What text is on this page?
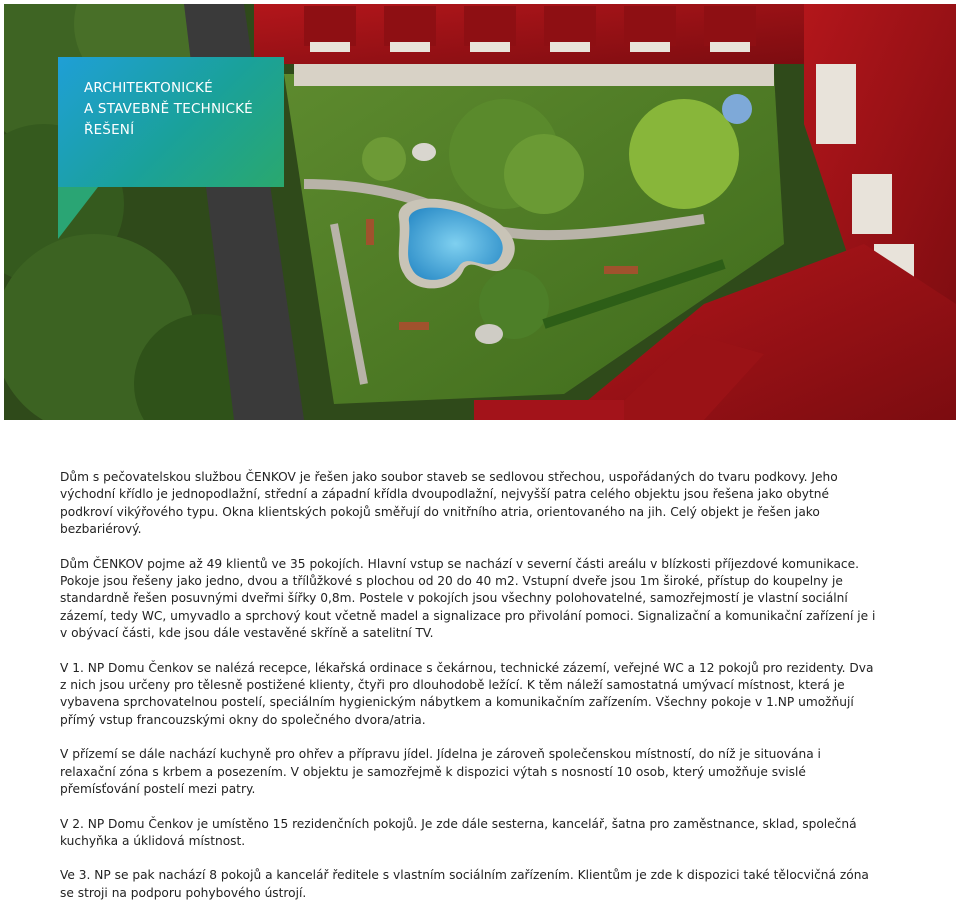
ARCHITEKTONICKÉ
A STAVEBNĚ TECHNICKÉ
ŘEŠENÍ

Dům s pečovatelskou službou ČENKOV je řešen jako soubor staveb se sedlovou střechou, uspořádaných do tvaru podkovy. Jeho východní křídlo je jednopodlažní, střední a západní křídla dvoupodlažní, nejvyšší patra celého objektu jsou řešena jako obytné podkroví vikýřového typu. Okna klientských pokojů směřují do vnitřního atria, orientovaného na jih. Celý objekt je řešen jako bezbariérový.

Dům ČENKOV pojme až 49 klientů ve 35 pokojích. Hlavní vstup se nachází v severní části areálu v blízkosti příjezdové komunikace. Pokoje jsou řešeny jako jedno, dvou a třílůžkové s plochou od 20 do 40 m2. Vstupní dveře jsou 1m široké, přístup do koupelny je standardně řešen posuvnými dveřmi šířky 0,8m. Postele v pokojích jsou všechny polohovatelné, samozřejmostí je vlastní sociální zázemí, tedy WC, umyvadlo a sprchový kout včetně madel a signalizace pro přivolání pomoci. Signalizační a komunikační zařízení je i v obývací části, kde jsou dále vestavěné skříně a satelitní TV.

V 1. NP Domu Čenkov se nalézá recepce, lékařská ordinace s čekárnou, technické zázemí, veřejné WC a 12 pokojů pro rezidenty. Dva z nich jsou určeny pro tělesně postižené klienty, čtyři pro dlouhodobě ležící. K těm náleží samostatná umývací místnost, která je vybavena sprchovatelnou postelí, speciálním hygienickým nábytkem a komunikačním zařízením. Všechny pokoje v 1.NP umožňují přímý vstup francouzskými okny do společného dvora/atria.

V přízemí se dále nachází kuchyně pro ohřev a přípravu jídel. Jídelna je zároveň společenskou místností, do níž je situována i relaxační zóna s krbem a posezením. V objektu je samozřejmě k dispozici výtah s nosností 10 osob, který umožňuje svislé přemísťování postelí mezi patry.

V 2. NP Domu Čenkov je umístěno 15 rezidenčních pokojů. Je zde dále sesterna, kancelář, šatna pro zaměstnance, sklad, společná kuchyňka a úklidová místnost.

Ve 3. NP se pak nachází 8 pokojů a kancelář ředitele s vlastním sociálním zařízením. Klientům je zde k dispozici také tělocvičná zóna se stroji na podporu pohybového ústrojí.
